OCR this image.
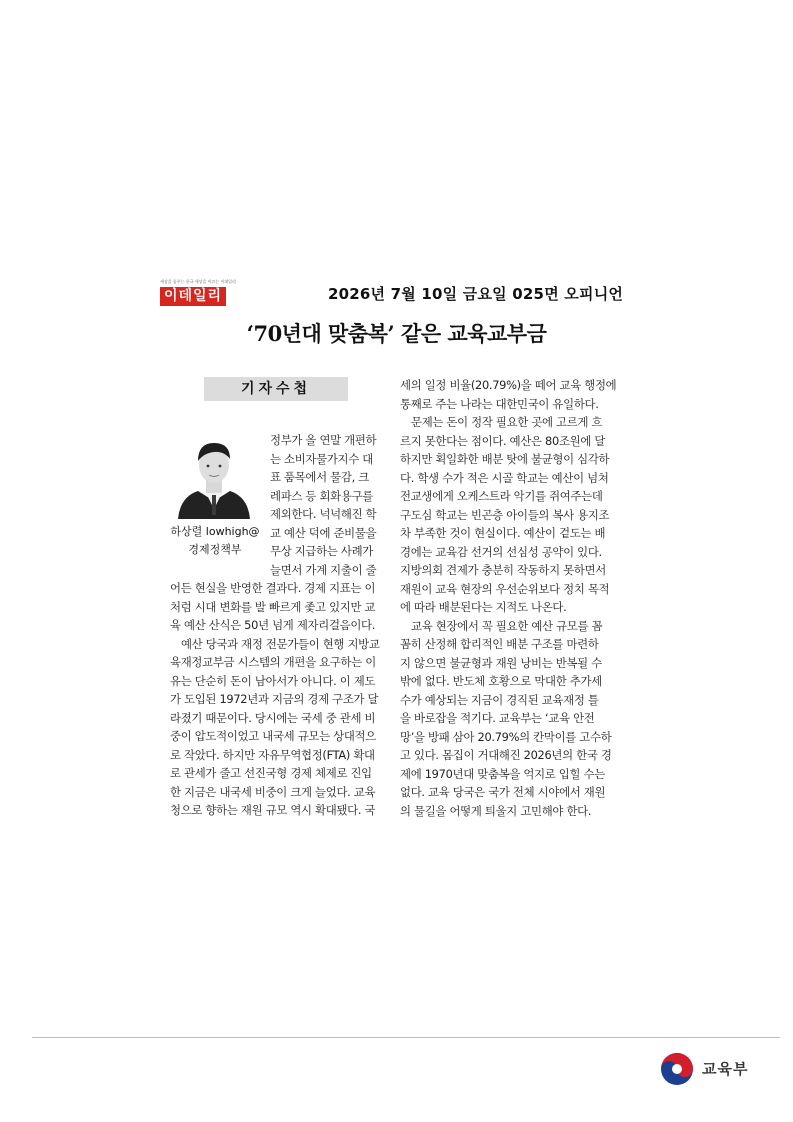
세상을 꿈꾸는 한국 세상을 이끄는 이데일리
이데일리	2026년 7월 10일 금요일 025면 오피니언
‘70년대 맞춤복’ 같은 교육교부금
기자수첩
하상렬 lowhigh@
경제정책부
정부가 올 연말 개편하
는 소비자물가지수 대
표 품목에서 물감, 크
레파스 등 회화용구를
제외한다. 넉넉해진 학
교 예산 덕에 준비물을
무상 지급하는 사례가
늘면서 가계 지출이 줄
어든 현실을 반영한 결과다. 경제 지표는 이
처럼 시대 변화를 발 빠르게 좇고 있지만 교
육 예산 산식은 50년 넘게 제자리걸음이다.
예산 당국과 재정 전문가들이 현행 지방교
육재정교부금 시스템의 개편을 요구하는 이
유는 단순히 돈이 남아서가 아니다. 이 제도
가 도입된 1972년과 지금의 경제 구조가 달
라졌기 때문이다. 당시에는 국세 중 관세 비
중이 압도적이었고 내국세 규모는 상대적으
로 작았다. 하지만 자유무역협정(FTA) 확대
로 관세가 줄고 선진국형 경제 체제로 진입
한 지금은 내국세 비중이 크게 늘었다. 교육
청으로 향하는 재원 규모 역시 확대됐다. 국
세의 일정 비율(20.79%)을 떼어 교육 행정에
통째로 주는 나라는 대한민국이 유일하다.
문제는 돈이 정작 필요한 곳에 고르게 흐
르지 못한다는 점이다. 예산은 80조원에 달
하지만 획일화한 배분 탓에 불균형이 심각하
다. 학생 수가 적은 시골 학교는 예산이 넘쳐
전교생에게 오케스트라 악기를 쥐여주는데
구도심 학교는 빈곤층 아이들의 복사 용지조
차 부족한 것이 현실이다. 예산이 겉도는 배
경에는 교육감 선거의 선심성 공약이 있다.
지방의회 견제가 충분히 작동하지 못하면서
재원이 교육 현장의 우선순위보다 정치 목적
에 따라 배분된다는 지적도 나온다.
교육 현장에서 꼭 필요한 예산 규모를 꼼
꼼히 산정해 합리적인 배분 구조를 마련하
지 않으면 불균형과 재원 낭비는 반복될 수
밖에 없다. 반도체 호황으로 막대한 추가세
수가 예상되는 지금이 경직된 교육재정 틀
을 바로잡을 적기다. 교육부는 ‘교육 안전
망’을 방패 삼아 20.79%의 칸막이를 고수하
고 있다. 몸집이 거대해진 2026년의 한국 경
제에 1970년대 맞춤복을 억지로 입힐 수는
없다. 교육 당국은 국가 전체 시야에서 재원
의 물길을 어떻게 틔울지 고민해야 한다.
교육부
